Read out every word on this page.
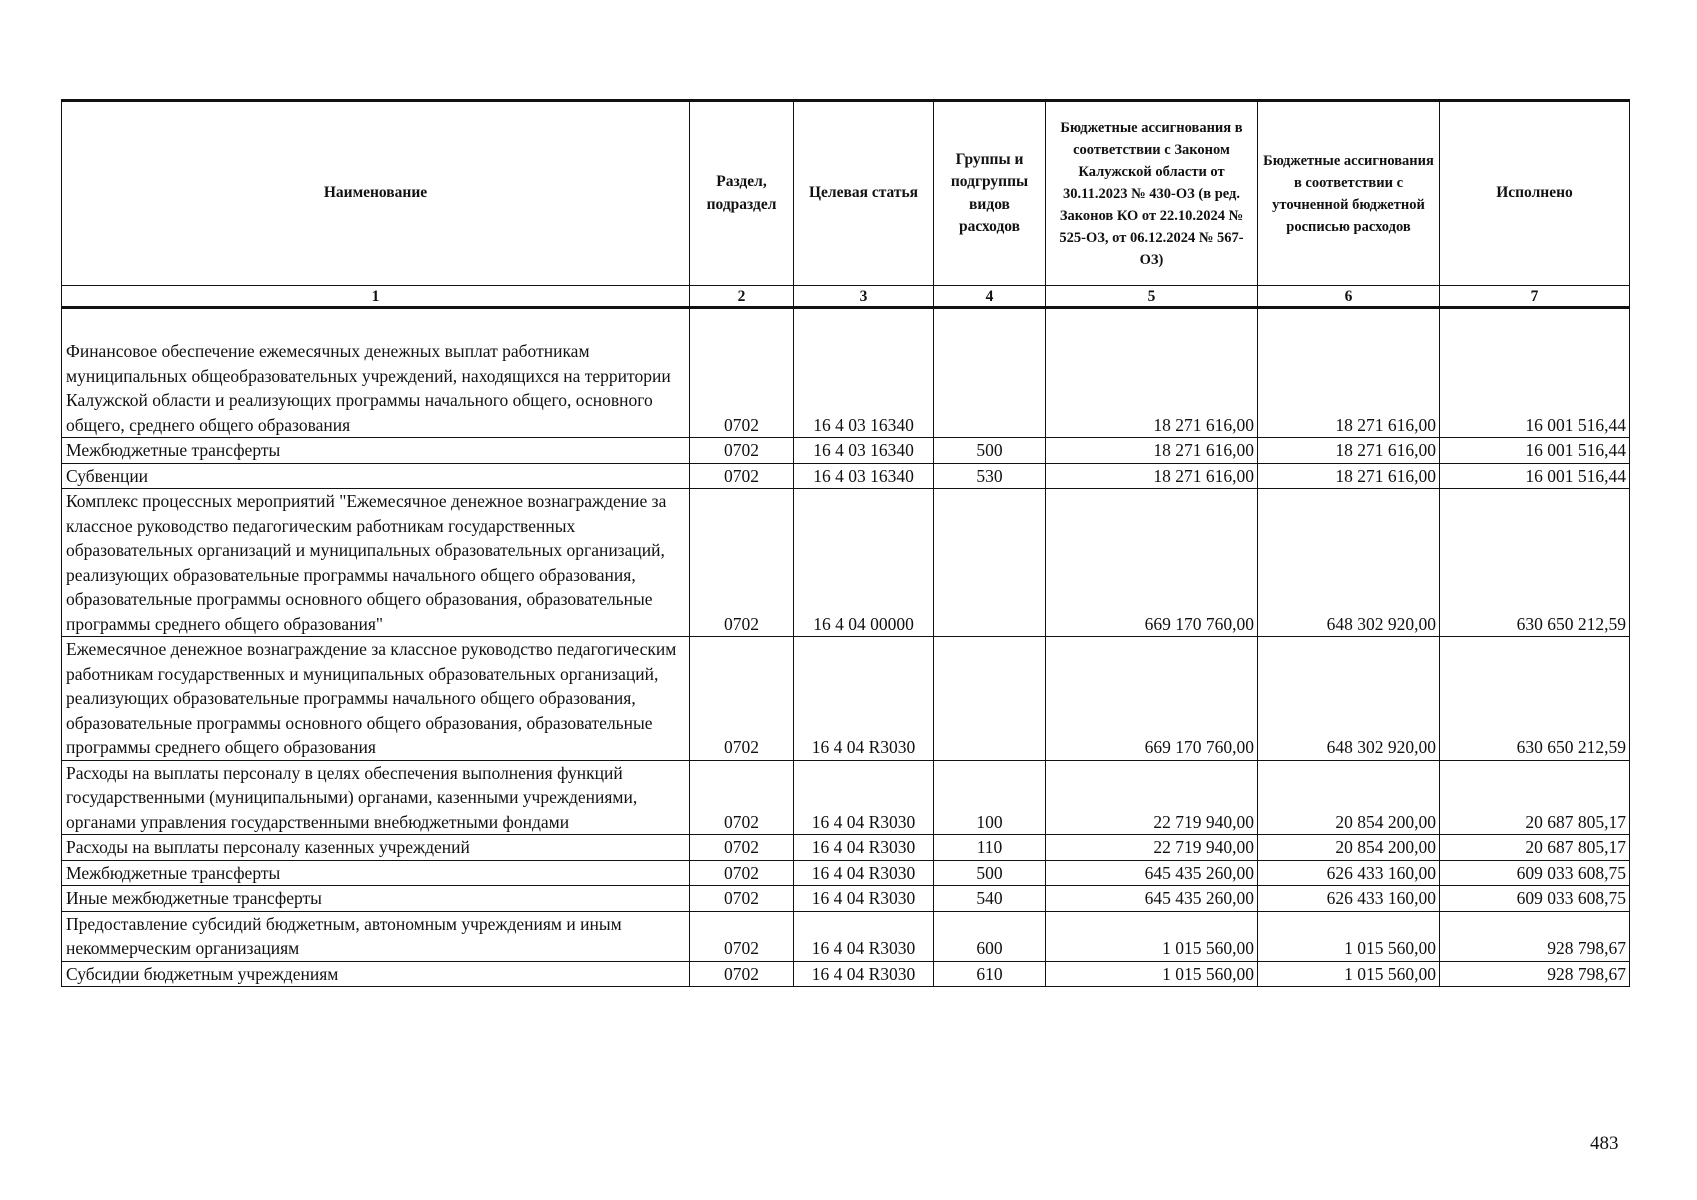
Наименование	Раздел, подраздел	Целевая статья	Группы и подгруппы видов расходов	Бюджетные ассигнования в соответствии с Законом Калужской области от 30.11.2023 № 430-ОЗ (в ред. Законов КО от 22.10.2024 № 525-ОЗ, от 06.12.2024 № 567-ОЗ)	Бюджетные ассигнования в соответствии с уточненной бюджетной росписью расходов	Исполнено
1	2	3	4	5	6	7

Финансовое обеспечение ежемесячных денежных выплат работникам муниципальных общеобразовательных учреждений, находящихся на территории Калужской области и реализующих программы начального общего, основного общего, среднего общего образования	0702	16 4 03 16340		18 271 616,00	18 271 616,00	16 001 516,44
Межбюджетные трансферты	0702	16 4 03 16340	500	18 271 616,00	18 271 616,00	16 001 516,44
Субвенции	0702	16 4 03 16340	530	18 271 616,00	18 271 616,00	16 001 516,44
Комплекс процессных мероприятий "Ежемесячное денежное вознаграждение за классное руководство педагогическим работникам государственных образовательных организаций и муниципальных образовательных организаций, реализующих образовательные программы начального общего образования, образовательные программы основного общего образования, образовательные программы среднего общего образования"	0702	16 4 04 00000		669 170 760,00	648 302 920,00	630 650 212,59
Ежемесячное денежное вознаграждение за классное руководство педагогическим работникам государственных и муниципальных образовательных организаций, реализующих образовательные программы начального общего образования, образовательные программы основного общего образования, образовательные программы среднего общего образования	0702	16 4 04 R3030		669 170 760,00	648 302 920,00	630 650 212,59
Расходы на выплаты персоналу в целях обеспечения выполнения функций государственными (муниципальными) органами, казенными учреждениями, органами управления государственными внебюджетными фондами	0702	16 4 04 R3030	100	22 719 940,00	20 854 200,00	20 687 805,17
Расходы на выплаты персоналу казенных учреждений	0702	16 4 04 R3030	110	22 719 940,00	20 854 200,00	20 687 805,17
Межбюджетные трансферты	0702	16 4 04 R3030	500	645 435 260,00	626 433 160,00	609 033 608,75
Иные межбюджетные трансферты	0702	16 4 04 R3030	540	645 435 260,00	626 433 160,00	609 033 608,75
Предоставление субсидий бюджетным, автономным учреждениям и иным некоммерческим организациям	0702	16 4 04 R3030	600	1 015 560,00	1 015 560,00	928 798,67
Субсидии бюджетным учреждениям	0702	16 4 04 R3030	610	1 015 560,00	1 015 560,00	928 798,67
483
